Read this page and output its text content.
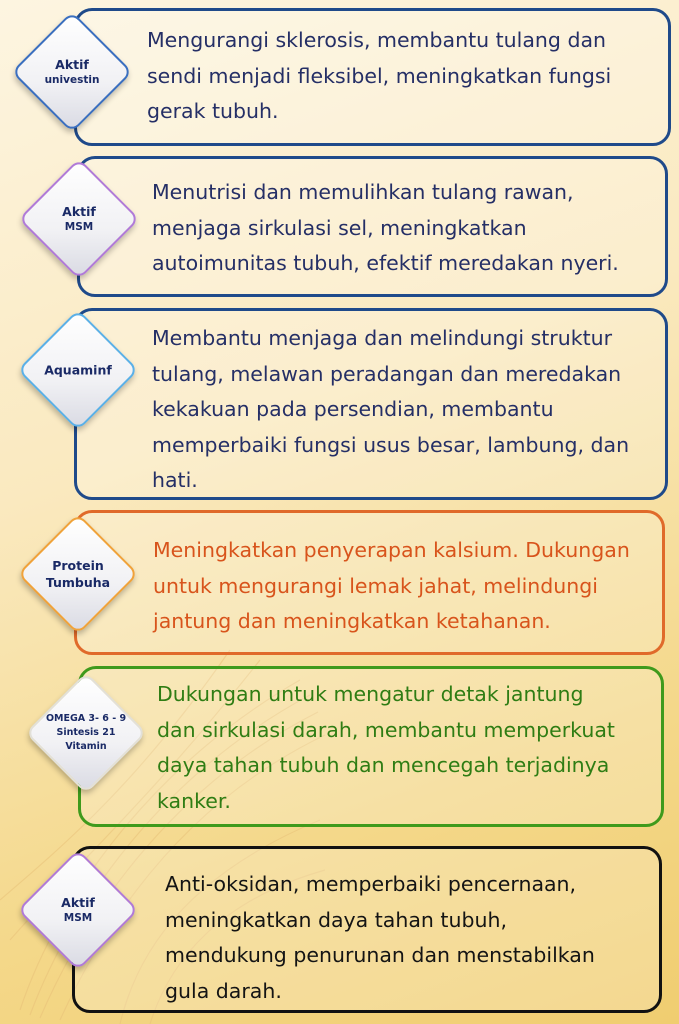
Mengurangi sklerosis, membantu tulang dan
sendi menjadi fleksibel, meningkatkan fungsi
gerak tubuh.

Aktif
univestin

Menutrisi dan memulihkan tulang rawan,
menjaga sirkulasi sel, meningkatkan
autoimunitas tubuh, efektif meredakan nyeri.

Aktif
MSM

Membantu menjaga dan melindungi struktur
tulang, melawan peradangan dan meredakan
kekakuan pada persendian, membantu
memperbaiki fungsi usus besar, lambung, dan
hati.

Aquaminf

Meningkatkan penyerapan kalsium. Dukungan
untuk mengurangi lemak jahat, melindungi
jantung dan meningkatkan ketahanan.

Protein
Tumbuha

Dukungan untuk mengatur detak jantung
dan sirkulasi darah, membantu memperkuat
daya tahan tubuh dan mencegah terjadinya
kanker.

OMEGA 3- 6 - 9
Sintesis 21
Vitamin

Anti-oksidan, memperbaiki pencernaan,
meningkatkan daya tahan tubuh,
mendukung penurunan dan menstabilkan
gula darah.

Aktif
MSM
